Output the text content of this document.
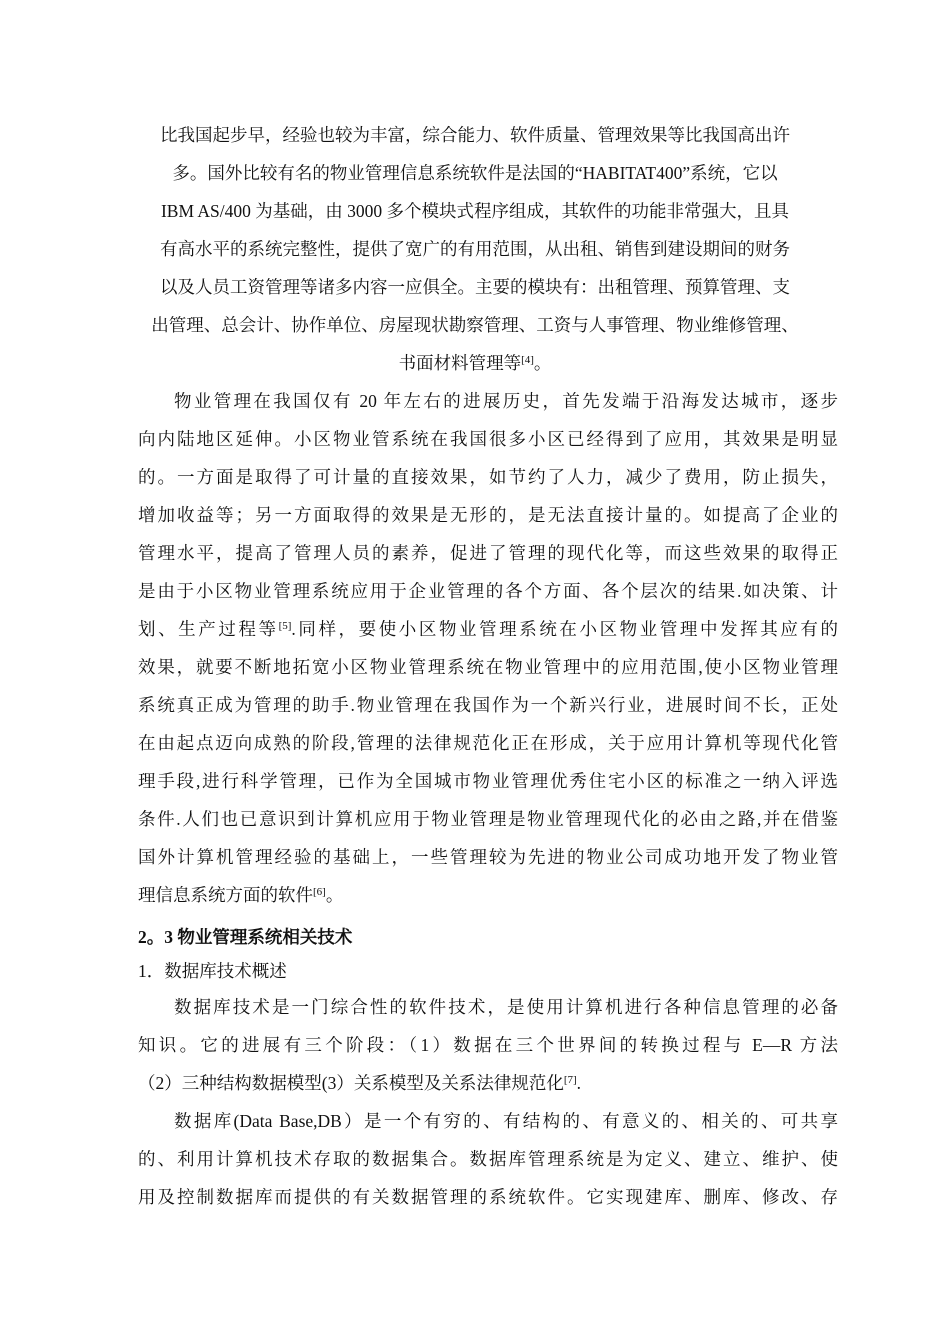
比我国起步早，经验也较为丰富，综合能力、软件质量、管理效果等比我国高出许
多。国外比较有名的物业管理信息系统软件是法国的“HABITAT400”系统，它以
IBM AS/400 为基础，由 3000 多个模块式程序组成，其软件的功能非常强大，且具
有高水平的系统完整性，提供了宽广的有用范围，从出租、销售到建设期间的财务
以及人员工资管理等诸多内容一应俱全。主要的模块有：出租管理、预算管理、支
出管理、总会计、协作单位、房屋现状勘察管理、工资与人事管理、物业维修管理、
书面材料管理等[4]。
物业管理在我国仅有 20 年左右的进展历史，首先发端于沿海发达城市，逐步
向内陆地区延伸。小区物业管系统在我国很多小区已经得到了应用，其效果是明显
的。一方面是取得了可计量的直接效果，如节约了人力，减少了费用，防止损失，
增加收益等；另一方面取得的效果是无形的，是无法直接计量的。如提高了企业的
管理水平，提高了管理人员的素养，促进了管理的现代化等，而这些效果的取得正
是由于小区物业管理系统应用于企业管理的各个方面、各个层次的结果.如决策、计
划、生产过程等[5].同样，要使小区物业管理系统在小区物业管理中发挥其应有的
效果，就要不断地拓宽小区物业管理系统在物业管理中的应用范围,使小区物业管理
系统真正成为管理的助手.物业管理在我国作为一个新兴行业，进展时间不长，正处
在由起点迈向成熟的阶段,管理的法律规范化正在形成，关于应用计算机等现代化管
理手段,进行科学管理，已作为全国城市物业管理优秀住宅小区的标准之一纳入评选
条件.人们也已意识到计算机应用于物业管理是物业管理现代化的必由之路,并在借鉴
国外计算机管理经验的基础上，一些管理较为先进的物业公司成功地开发了物业管
理信息系统方面的软件[6]。
2。3 物业管理系统相关技术
1．数据库技术概述
数据库技术是一门综合性的软件技术，是使用计算机进行各种信息管理的必备
知识。它的进展有三个阶段：（1）数据在三个世界间的转换过程与 E—R 方法
（2）三种结构数据模型(3）关系模型及关系法律规范化[7].
数据库(Data Base,DB）是一个有穷的、有结构的、有意义的、相关的、可共享
的、利用计算机技术存取的数据集合。数据库管理系统是为定义、建立、维护、使
用及控制数据库而提供的有关数据管理的系统软件。它实现建库、删库、修改、存
